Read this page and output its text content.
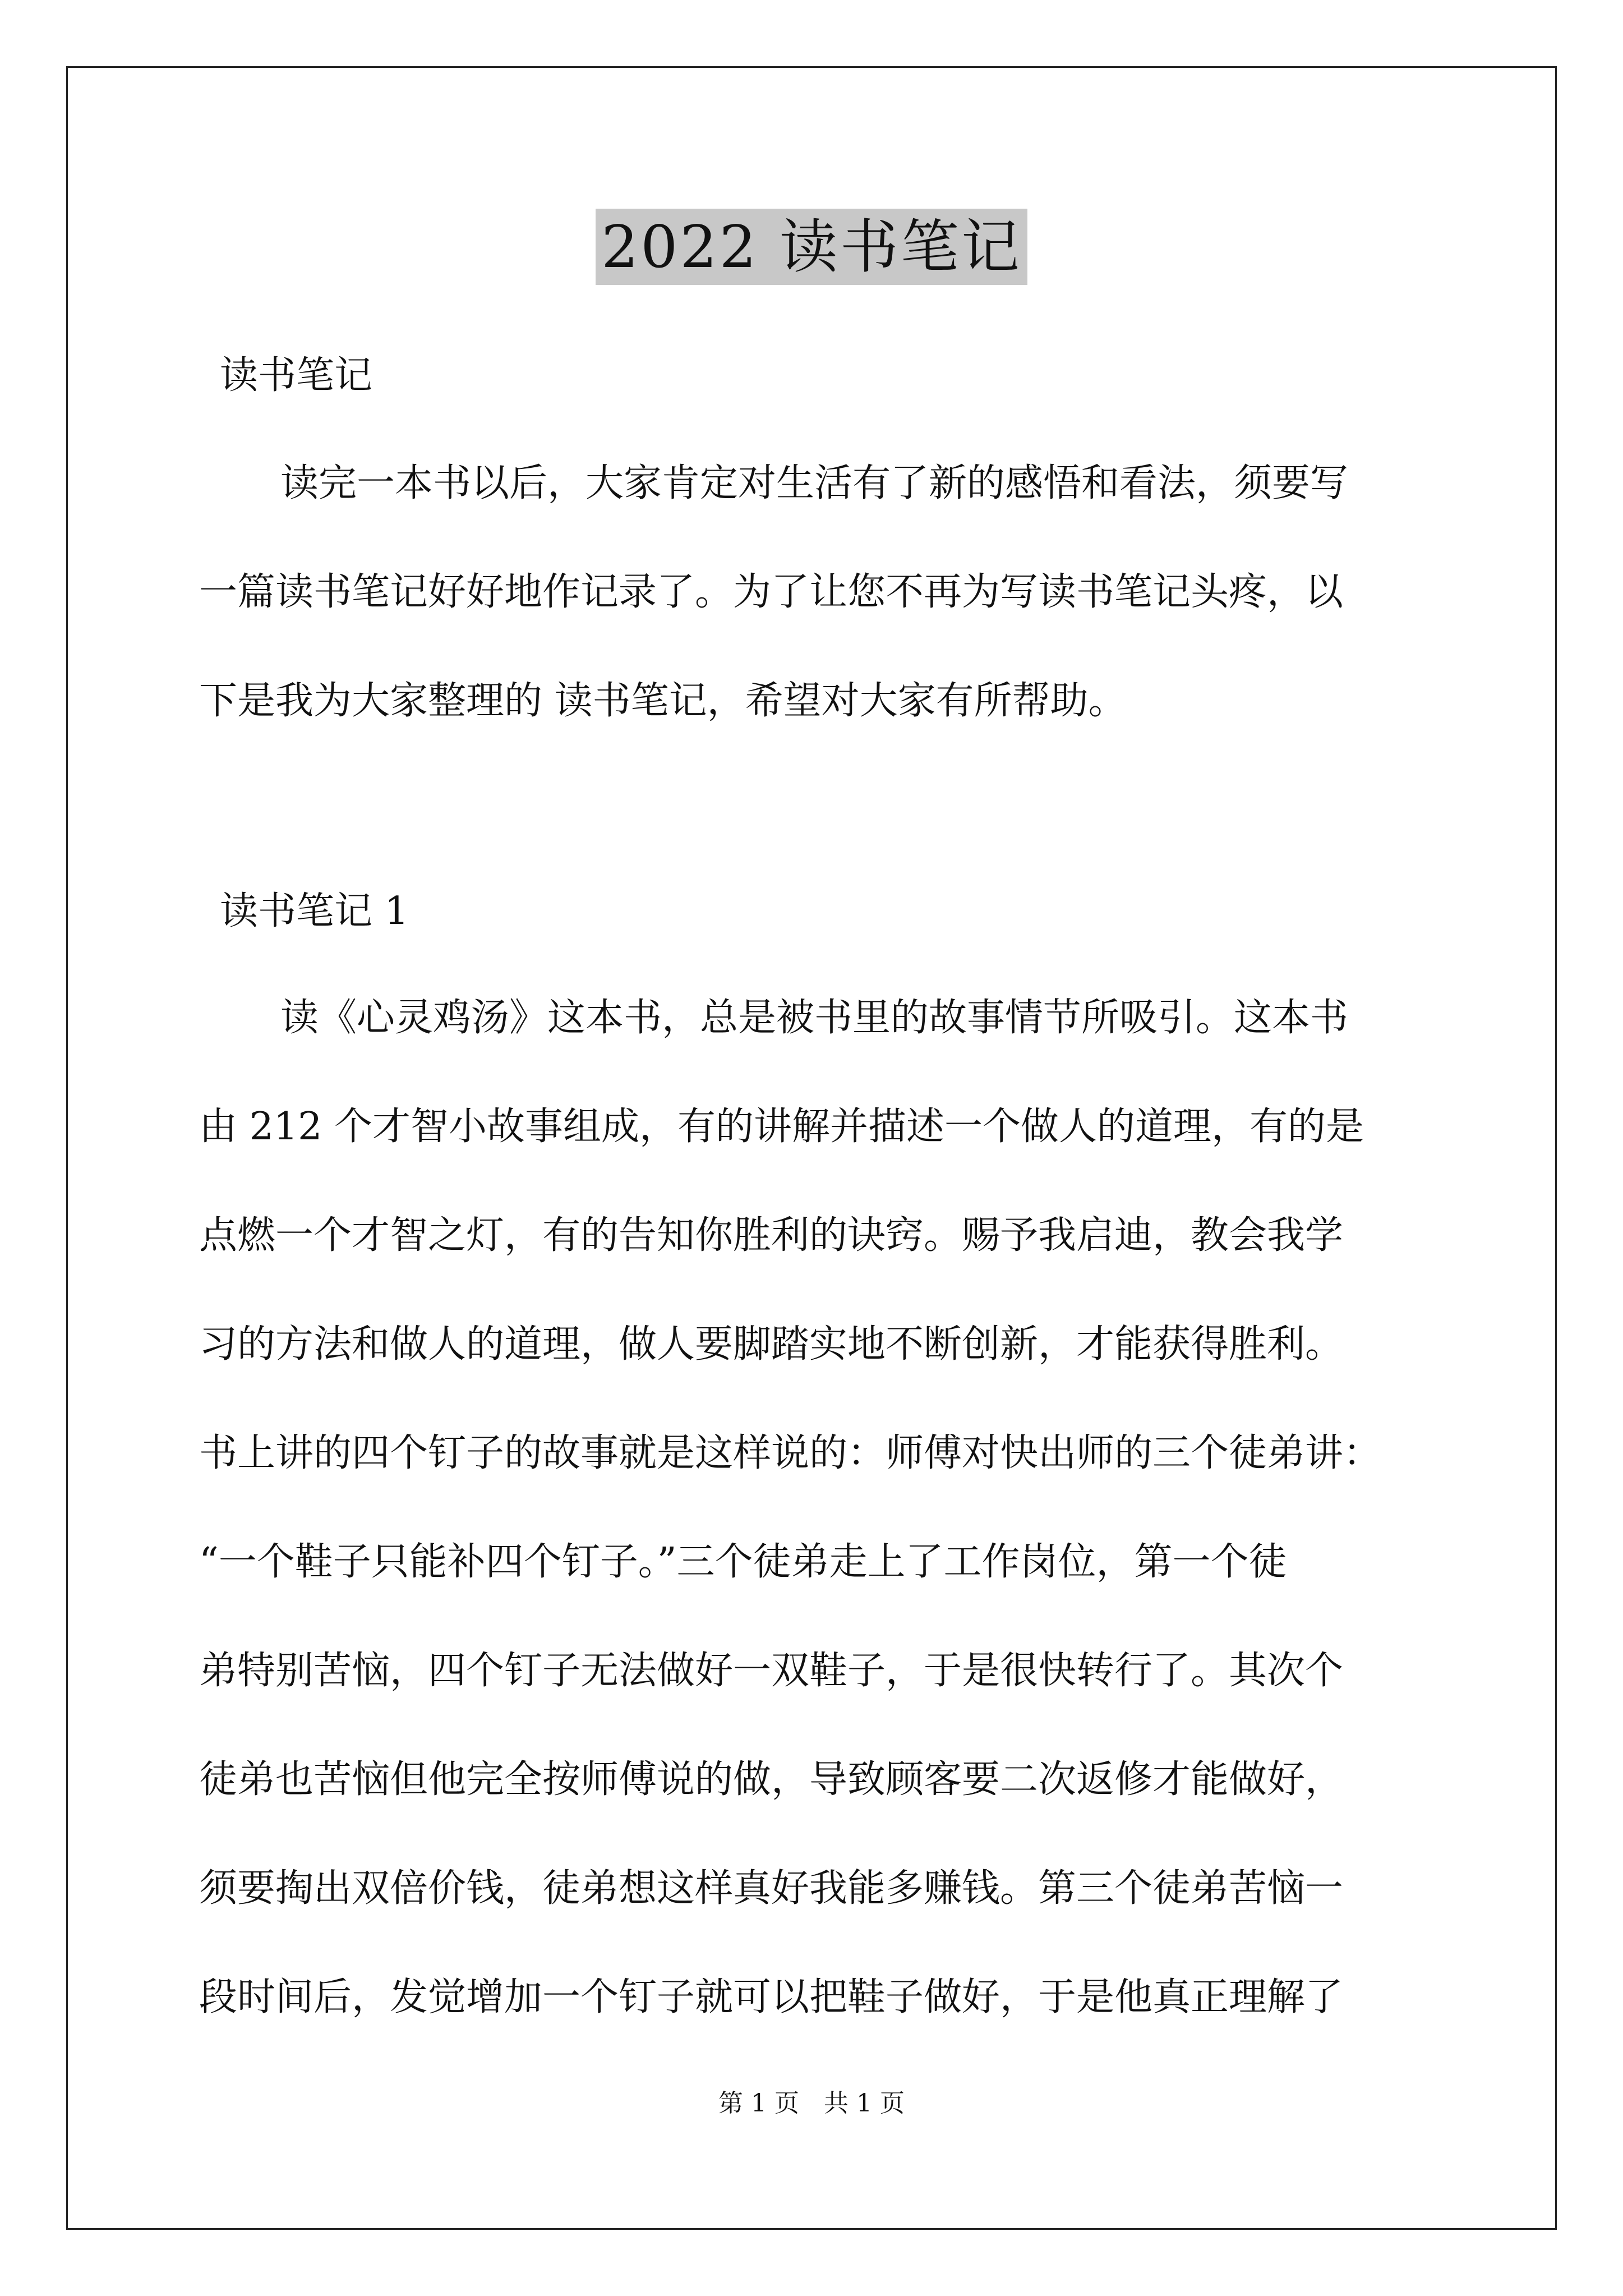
2022 读书笔记
读书笔记
读完一本书以后，大家肯定对生活有了新的感悟和看法，须要写
一篇读书笔记好好地作记录了。为了让您不再为写读书笔记头疼，以
下是我为大家整理的 读书笔记，希望对大家有所帮助。
读书笔记 1
读《心灵鸡汤》这本书，总是被书里的故事情节所吸引。这本书
由 212 个才智小故事组成，有的讲解并描述一个做人的道理，有的是
点燃一个才智之灯，有的告知你胜利的诀窍。赐予我启迪，教会我学
习的方法和做人的道理，做人要脚踏实地不断创新，才能获得胜利。
书上讲的四个钉子的故事就是这样说的：师傅对快出师的三个徒弟讲：
“一个鞋子只能补四个钉子。”三个徒弟走上了工作岗位，第一个徒
弟特别苦恼，四个钉子无法做好一双鞋子，于是很快转行了。其次个
徒弟也苦恼但他完全按师傅说的做，导致顾客要二次返修才能做好，
须要掏出双倍价钱，徒弟想这样真好我能多赚钱。第三个徒弟苦恼一
段时间后，发觉增加一个钉子就可以把鞋子做好，于是他真正理解了
第 1 页　共 1 页
